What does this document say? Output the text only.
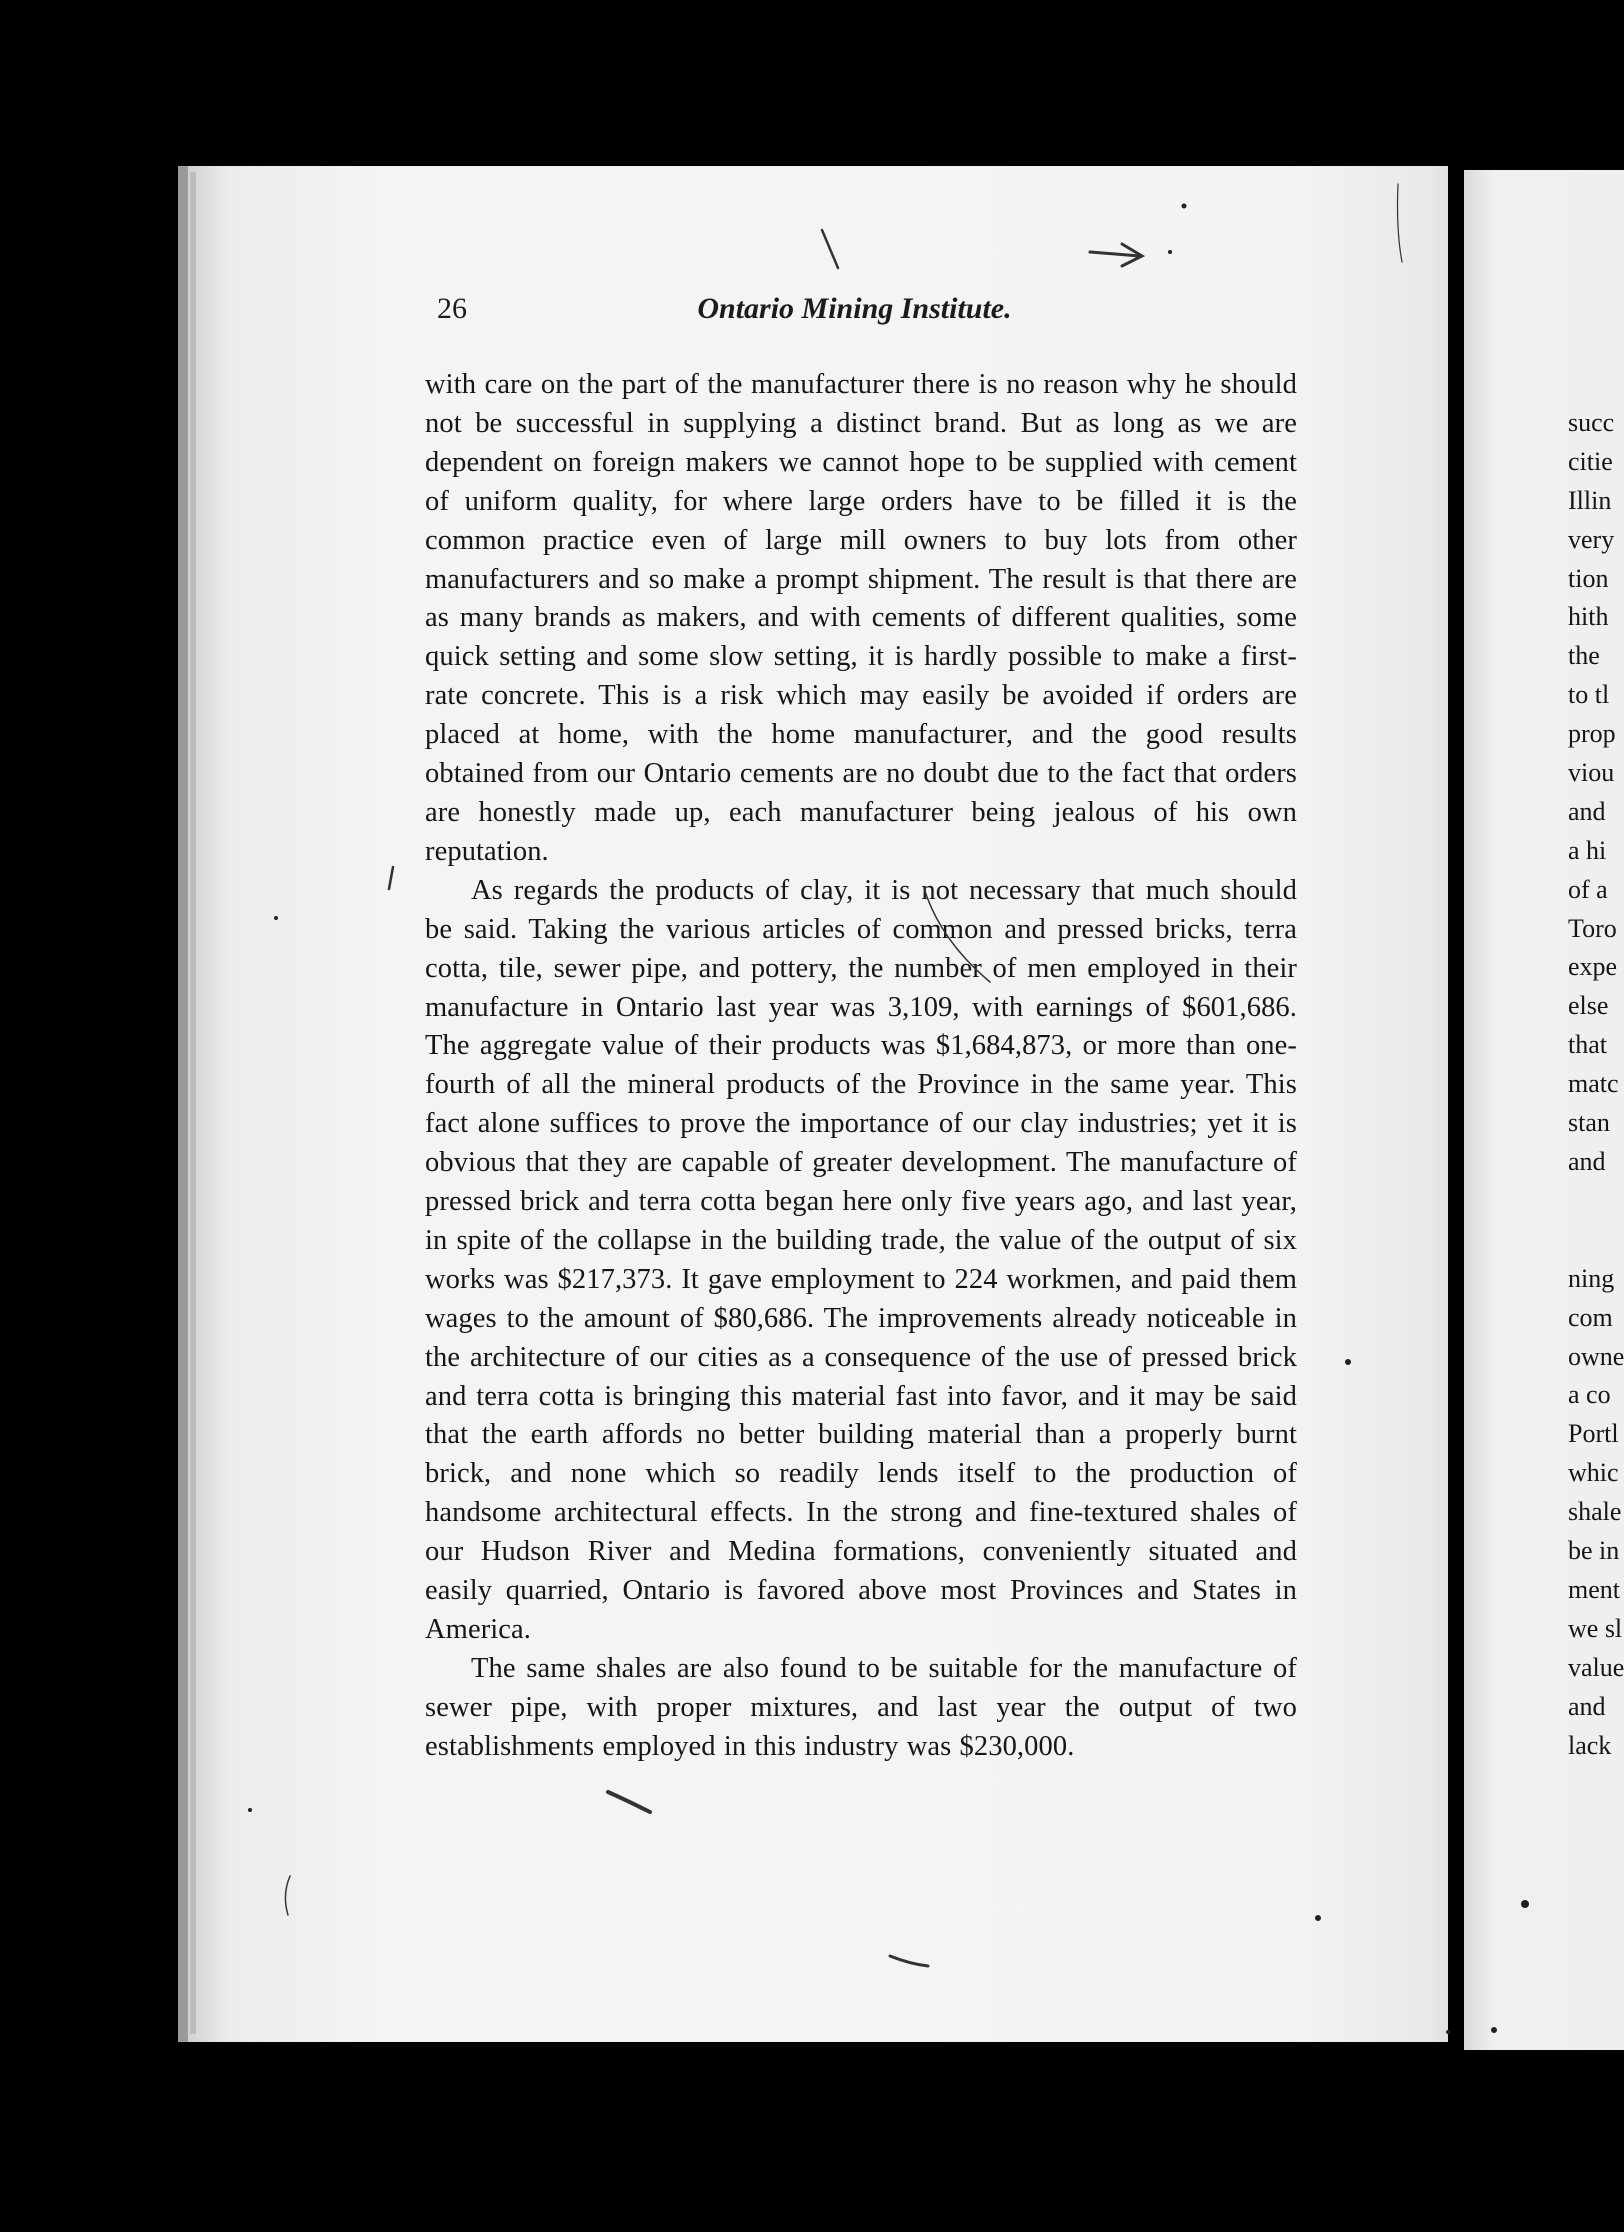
26	Ontario Mining Institute.

with care on the part of the manufacturer there is no reason why he should not be successful in supplying a distinct brand. But as long as we are dependent on foreign makers we cannot hope to be supplied with cement of uniform quality, for where large orders have to be filled it is the common practice even of large mill owners to buy lots from other manufacturers and so make a prompt shipment. The result is that there are as many brands as makers, and with cements of different qualities, some quick setting and some slow setting, it is hardly possible to make a first-rate concrete. This is a risk which may easily be avoided if orders are placed at home, with the home manufacturer, and the good results obtained from our Ontario cements are no doubt due to the fact that orders are honestly made up, each manufacturer being jealous of his own reputation.

As regards the products of clay, it is not necessary that much should be said. Taking the various articles of common and pressed bricks, terra cotta, tile, sewer pipe, and pottery, the number of men employed in their manufacture in Ontario last year was 3,109, with earnings of $601,686. The aggregate value of their products was $1,684,873, or more than one-fourth of all the mineral products of the Province in the same year. This fact alone suffices to prove the importance of our clay industries; yet it is obvious that they are capable of greater development. The manufacture of pressed brick and terra cotta began here only five years ago, and last year, in spite of the collapse in the building trade, the value of the output of six works was $217,373. It gave employment to 224 workmen, and paid them wages to the amount of $80,686. The improvements already noticeable in the architecture of our cities as a consequence of the use of pressed brick and terra cotta is bringing this material fast into favor, and it may be said that the earth affords no better building material than a properly burnt brick, and none which so readily lends itself to the production of handsome architectural effects. In the strong and fine-textured shales of our Hudson River and Medina formations, conveniently situated and easily quarried, Ontario is favored above most Provinces and States in America.

The same shales are also found to be suitable for the manufacture of sewer pipe, with proper mixtures, and last year the output of two establishments employed in this industry was $230,000.

succ
citie
Illin
very
tion
hith
the
to tl
prop
viou
and
a hi
of a
Toro
expe
else
that
matc
stan
and
ning
com
owne
a co
Portl
whic
shale
be in
ment
we sl
value
and
lack
